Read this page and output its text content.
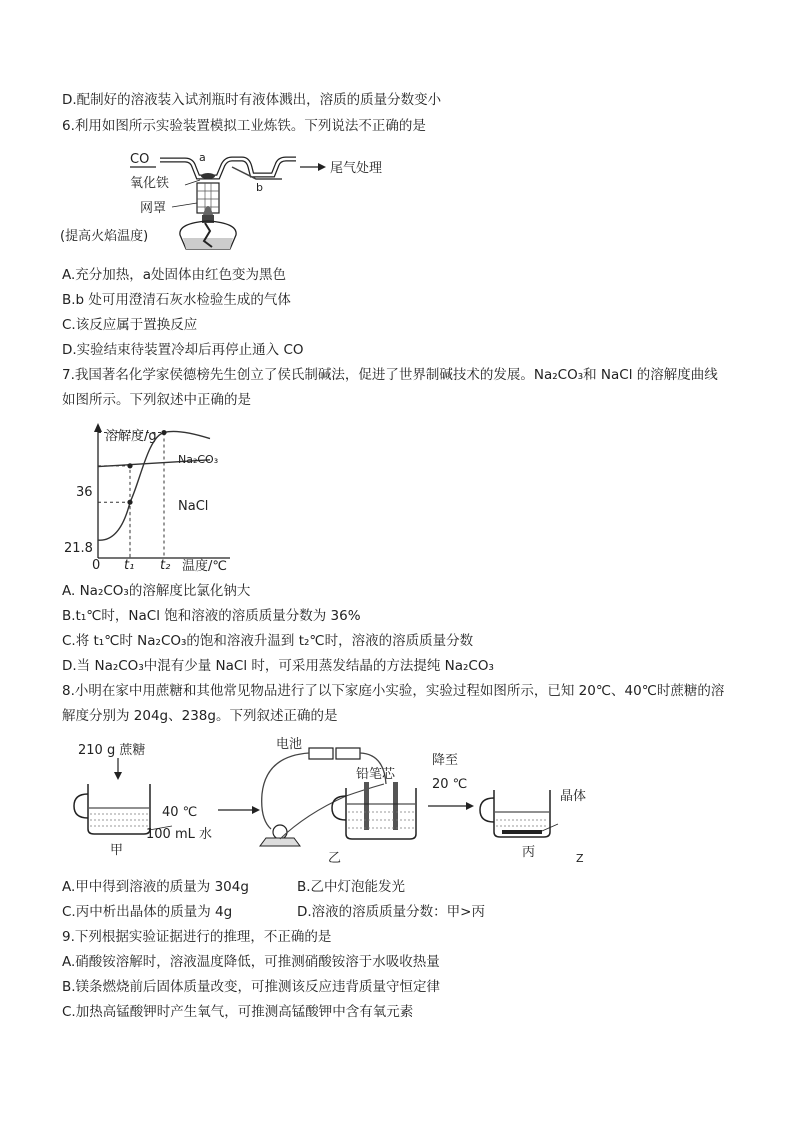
D.配制好的溶液装入试剂瓶时有液体溅出，溶质的质量分数变小
6.利用如图所示实验装置模拟工业炼铁。下列说法不正确的是
CO	a
b
尾气处理
氧化铁
网罩
(提高火焰温度)
A.充分加热，a处固体由红色变为黑色
B.b 处可用澄清石灰水检验生成的气体
C.该反应属于置换反应
D.实验结束待装置冷却后再停止通入 CO
7.我国著名化学家侯德榜先生创立了侯氏制碱法，促进了世界制碱技术的发展。Na₂CO₃和 NaCl 的溶解度曲线
如图所示。下列叙述中正确的是
溶解度/g
温度/℃
0 t₁ t₂
21.8
36
Na₂CO₃
NaCl
A. Na₂CO₃的溶解度比氯化钠大
B.t₁℃时，NaCl 饱和溶液的溶质质量分数为 36%
C.将 t₁℃时 Na₂CO₃的饱和溶液升温到 t₂℃时，溶液的溶质质量分数
D.当 Na₂CO₃中混有少量 NaCl 时，可采用蒸发结晶的方法提纯 Na₂CO₃
8.小明在家中用蔗糖和其他常见物品进行了以下家庭小实验，实验过程如图所示，已知 20℃、40℃时蔗糖的溶
解度分别为 204g、238g。下列叙述正确的是
210 g 蔗糖
40 ℃
100 mL 水
甲
电池
铅笔芯
乙
降至
20 ℃
晶体
丙	Z
A.甲中得到溶液的质量为 304g	B.乙中灯泡能发光
C.丙中析出晶体的质量为 4g	D.溶液的溶质质量分数：甲>丙
9.下列根据实验证据进行的推理，不正确的是
A.硝酸铵溶解时，溶液温度降低，可推测硝酸铵溶于水吸收热量
B.镁条燃烧前后固体质量改变，可推测该反应违背质量守恒定律
C.加热高锰酸钾时产生氧气，可推测高锰酸钾中含有氧元素
